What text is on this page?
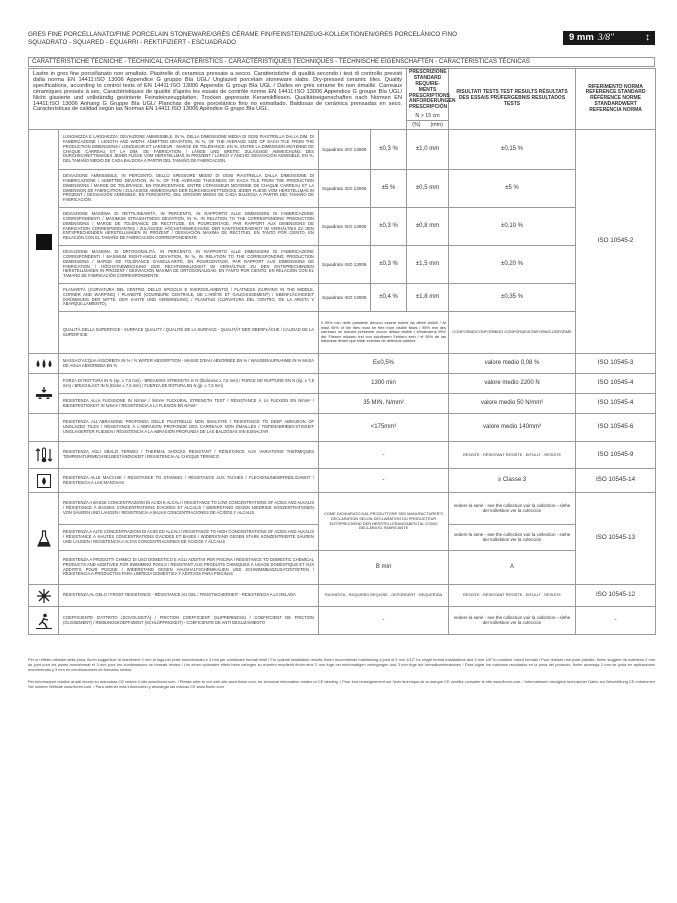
GRES FINE PORCELLANATO/FINE PORCELAIN STONEWARE/GRÈS CÉRAME FIN/FEINSTEINZEUG-KOLLEKTIONEN/GRES PORCELÁNICO FINO
SQUADRATO - SQUARED - EQUARRI - REKTIFIZIERT - ESCUADRADO	9 mm 3/8"	↕
CARATTERISTICHE TECNICHE - TECHNICAL CHARACTERISTICS - CARACTÉRISTIQUES TECHNIQUES - TECHNISCHE EIGENSCHAFTEN - CARACTERÍSTICAS TÉCNICAS
Lastre in gres fine porcellanato non smaltato. Piastrelle di ceramica pressate a secco. Caratteristiche di qualità secondo i test di controllo previsti dalla norma EN 14411:ISO 13006 Appendice G gruppo BIa UGL/ Unglazed porcelain stoneware slabs. Dry-pressed ceramic tiles. Quality specifications, according to control tests of EN 14411:ISO 13006 Appendix G group BIa UGL / Dalles en grès cérame fin non émaillé. Carreaux céramiques pressés à sec. Caractéristiques de qualité d'après les essais de contrôle norme EN 14411:ISO 13006 Appendice G groupe BIa UGL/ Nicht glasierte und vollständig gesinterte Feinsteinzeugplatten. Trocken gepresste Keramikfliesen. Qualitätseigenschaften nach Normen EN 14411:ISO 13006 Anhang G Gruppe BIa UGL/ Planchas de gres porcelánico fino no esmaltado. Baldosas de cerámica prensadas en seco. Características de calidad según las Normas EN 14411:ISO 13006 Apéndice G grupo BIa UGL.				PRESCRIZIONE STANDARD REQUIRE-MENTS PRESCRIPTIONS ANFORDERUNGEN PRESCRIPCIÓN	RISULTATI TESTS TEST RESULTS RÉSULTATS DES ESSAIS PRÜFERGEBNIS RESULTADOS TESTS	RIFERIMENTO NORMA REFERENCE STANDARD RÉFÉRENCE NORME STANDARDWERT REFERENCIA NORMA
				N > 15 cm		
				(%) (mm)		

	LUNGHEZZA E LARGHEZZA: DEVIAZIONE AMMISSIBILE, IN %, DELLA DIMENSIONE MEDIA DI OGNI PIASTRELLA DALLA DIM. DI FABBRICAZIONE / LENGTH AND WIDTH: ADMITTED DEVIATION, IN %, OF THE AVERAGE SIZE OF EACH TILE FROM THE PRODUCTION DIMENSIONS / LONGUEUR ET LARGEUR : MARGE DE TOLÉRANCE, EN %, ENTRE LA DIMENSION MOYENNE DE CHAQUE CARREAU ET LA DIM. DE FABRICATION / LÄNGE UND BREITE: ZULÄSSIGE ABWEICHUNG DES DURCHSCHNITTSMAßES JEDER FLIESE VOM HERSTELLMAß IN PROZENT / LARGO Y ANCHO: DESVIACIÓN ADMISIBLE, EN %, DEL TAMAÑO MEDIO DE CADA BALDOSA A PARTIR DEL TAMAÑO DE FABRICACIÓN.	Squadrato ISO 13006	±0,3 %	±1,0 mm	±0,15 %	ISO 10545-2
	DEVIAZIONE AMMISSIBILE, IN PERCENTO, DELLO SPESSORE MEDIO DI OGNI PIASTRELLA DALLA DIMENSIONE DI FABBRICAZIONE / ADMITTED DEVIATION, IN %, OF THE AVERAGE THICKNESS OF EACH TILE FROM THE PRODUCTION DIMENSIONS / MARGE DE TOLÉRANCE, EN POURCENTAGE, ENTRE L'ÉPAISSEUR MOYENNE DE CHAQUE CARREAU ET LA DIMENSION DE FABRICATION / ZULÄSSIGE ABWEICHUNG DER DURCHSCHNITTSDICKE JEDER FLIESE VOM HERSTELLMAß IN PROZENT / DESVIACIÓN ADMISIBLE, EN PORCIENTO, DEL GROSOR MEDIO DE CADA BALDOSA A PARTIR DEL TAMAÑO DE FABRICACIÓN.	Squadrato ISO 13006	±5 %	±0,5 mm	±5 %	
	DEVIAZIONE MASSIMA DI RETTILINEARITÀ, IN PERCENTO, IN RAPPORTO ALLE DIMENSIONI DI FABBRICAZIONE CORRISPONDENTI / MAXIMUM STRAIGHTNESS DEVIATION, IN %, IN RELATION TO THE CORRESPONDING PRODUCTION DIMENSIONS / MARGE DE TOLÉRANCE DE RECTITUDE, EN POURCENTAGE, PAR RAPPORT AUX DIMENSIONS DE FABRICATION CORRESPONDANTES / ZULÄSSIGE HÖCHSTABWEICHUNG DER KANTENGERADHEIT IM VERHÄLTNIS ZU DEN ENTSPRECHENDEN HERSTELLMAßEN IN PROZENT / DESVIACIÓN MÁXIMA DE RECTITUD, EN TANTO POR CIENTO, EN RELACIÓN CON EL TAMAÑO DE FABRICACIÓN CORRESPONDIENTE.	Squadrato ISO 13006	±0,3 %	±0,8 mm	±0,10 %	
	DEVIAZIONE MASSIMA DI ORTOGONALITÀ, IN PERCENTO, IN RAPPORTO ALLE DIMENSIONI DI FABBRICAZIONE CORRISPONDENTI / MAXIMUM RIGHT-ANGLE DEVIATION, IN %, IN RELATION TO THE CORRESPONDING PRODUCTION DIMENSIONS / MARGE DE TOLÉRANCE D'ANGULARITÉ, EN POURCENTAGE, PAR RAPPORT AUX DIMENSIONS DE FABRICATION / HÖCHSTABWEICHUNG DER RECHTWINKLIGKEIT IM VERHÄLTNIS ZU DEN ENTSPRECHENDEN HERSTELLMAßEN IN PROZENT / DESVIACIÓN MÁXIMA DE ORTOGONALIDAD, EN TANTO POR CIENTO, EN RELACIÓN CON EL TAMAÑO DE FABRICACIÓN CORRESPONDIENTE.	Squadrato ISO 13006	±0,3 %	±1,5 mm	±0,20 %	
	PLANARITÀ (CURVATURA DEL CENTRO, DELLO SPIGOLO E SVERGOLAMENTO) / FLATNESS (CURVING IN THE MIDDLE, CORNER AND WARPING) / PLANÉITÉ (COURBURE CENTRALE, DE L'ARÊTE ET GAUCHISSEMENT) / EBENFLÄCHIGKEIT (KRÜMMUNG DER MITTE, DER KANTE UND VERWINDUNG) / PLANITUD (CURVATURA DEL CENTRO, DE LA ARISTA Y ABARQUILLAMIENTO).	Squadrato ISO 13006	±0,4 %	±1,8 mm	±0,35 %	
	QUALITÀ DELLA SUPERFICIE - SURFACE QUALITY / QUALITÉ DE LA SURFACE - QUALITÄT DER OBERFLÄCHE / CALIDAD DE LA SUPERFICIE	Il 95% min delle piastrelle devono essere esenti da difetti visibili / At least 95% of the tiles must be free from visible flaws / 95% min des carreaux ne doivent présenter aucun défaut visible / Mindestens 95% der Fliesen müssen frei von sichtbaren Fehlern sein / el 95% de las baldosas tienen que estar exentas de defectos visibles			CONFORME/CONFORMING CONFORME/KONFORM/CONFORME	

	MASSA D'ACQUA ASSORBITA IN % / % WATER ABSORPTION - MASSE D'EAU ABSORBÉE EN % / WASSERAUFNAHME IN % MASA DE AGUA ABSORBIDA EN %	E≤0,5%			valore medio 0,08 %	ISO 10545-3

	FORZA DI ROTTURA IN N (sp. ≥ 7,5 mm) - BREAKING STRENGTH in N (thickness ≥ 7,5 mm) / FORCE DE RUPTURE EN N (ép. ≥ 7,5 mm) / BRUCHLAST IN N (Dicke ≥ 7,5 mm) / FUERZA DE ROTURA EN N (gr. ≥ 7,5 mm)	1300 min			valore medio 2200 N	ISO 10545-4
	RESISTENZA ALLA FLESSIONE IN N/mm² / N/mm² FLEXURAL STRENGTH TEST / RÉSISTANCE À LA FLEXION EN N/mm² / BIEGEFESTIGKEIT IN N/mm² / RESISTENCIA A LA FLEXIÓN EN N/mm²	35 MIN. N/mm²			valore medio 50 N/mm²	ISO 10545-4
	RESISTENZA ALL'ABRASIONE PROFONDA DELLE PIASTRELLE NON SMALTATE / RESISTANCE TO DEEP ABRASION OF UNGLAZED TILES / RÉSISTANCE À L'ABRASION PROFONDE DES CARREAUX NON ÉMAILLÉS / TIEFENABRIEBS-STIGKEIT UNGLASIERTER FLIESEN / RESISTENCIA A LA ABRASIÓN PROFUNDA DE LAS BALDOSAS SIN ESMALTAR	<175mm³			valore medio 140mm³	ISO 10545-6

	RESISTENZA AGLI SBALZI TERMICI / THERMAL SHOCKS RESISTANT / RÉSISTANCE AUX VARIATIONS THERMIQUES TEMPERATURWECHSELBESTÄNDIGKEIT / RESISTENCIA AL CHOQUE TÉRMICO	-			RESISTE - RÉSISTANT RESISTE - EIFÜLLT - RESISTE	ISO 10545-9

	RESISTENZA ALLE MACCHIE / RESISTANCE TO STAINING / RÉSISTANCE AUX TACHES / FLECKENUNEMPFINDLICHKEIT / RESISTENCIA A LAS MANCHAS	-			≥ Classe 3	ISO 10545-14

	RESISTENZA A BASSE CONCENTRAZIONI DI ACIDI E ALCALI / RESISTANCE TO LOW CONCENTRATIONS OF ACIDS AND ALKALIS / RÉSISTANCE À BASSES CONCENTRATIONS D'ACIDES ET ALCALIS / WIDERSTAND GEGEN NIEDRIGE KONZENTRATIONEN VON SÄUREN UND LAUGEN / RESISTENCIA A BAJAS CONCENTRACIONES DE ÁCIDOS Y ÁLCALIS.	COME DICHIARATO DAL PRODUTTORE SEE MANUFACTURER'S DECLARATION SELON DÉCLARATION DU PRODUCTEUR ENTSPRECHEND DER HERSTELLERANGABEN TAL COMO DECLARA EL FABRICANTE			vedere la serie - see the collection voir la collection - siehe der kollektion ver la colección	ISO 10545-13
	RESISTENZA A ALTE CONCENTRAZIONI DI ACIDI ED ALCALI / RESISTANCE TO HIGH CONCENTRATIONS OF ACIDS AND ALKALIS / RÉSISTANCE À HAUTES CONCENTRATIONS D'ACIDES ET BASES / WIDERSTAND GEGEN STARK KONZENTRIERTE SÄUREN UND LAUGEN / RESISTENCIA A ALTAS CONCENTRACIONES DE ÁCIDOS Y ÁLCALIS				vedere la serie - see the collection voir la collection - siehe der kollektion ver la colección	
	RESISTENZA A PRODOTTI CHIMICI DI USO DOMESTICO E AGLI ADDITIVI PER PISCINA / RESISTANCE TO DOMESTIC CHEMICAL PRODUCTS AND ADDITIVES FOR SWIMMING POOLS / RÉSISTANT AUX PRODUITS CHIMIQUES À USAGE DOMESTIQUE ET AUX ADDITIFS POUR PISCINE / WIDERSTAND GEGEN HAUSHALTSCHEMIKALIEN UND SCHWIMMBADZUSATZSTOFFEN / RESISTENCIA A PRODUCTOS PARA LIMPIEZA DOMÉSTICA Y ADITIVOS PARA PISCINAS	B min			A	

	RESISTENZA AL GELO / FROST RESISTANCE - RÉSISTANCE AU GEL / FROSTSICHERHEIT - RESISTENCIA A LA HELADA	RICHIESTA - REQUIRED REQUISE - GEFORDERT - REQUERIDA			RESISTE - RÉSISTANT RESISTE - EIFÜLLT - RESISTE	ISO 10545-12

	COEFFICIENTE D'ATTRITO (SCIVOLOSITÀ) / FRICTION COEFFICIENT (SLIPPERINESS) / COEFFICIENT DE FRICTION (GLISSEMENT) / REIBUNGSKOEFFIZIENT (SCHLÜPFRIGKEIT) - COEFICIENTE DE ANTI DESLIZAMIENTO	-			vedere la serie - see the collection voir la collection - siehe der kollektion ver la colección	-
Per un effetto ottimale della posa, florim suggerisce di mantenere 2 mm di fuga per pose monoformato e 3 mm per combinare formati misti / For optimal installation results, florim recommends maintaining a joint of 2 mm 1/12" for single format installations and 3 mm 1/8" to combine mixed formats / Pour réaliser une pose parfaite, florim suggère de maintenir 2 mm de joint pour les poses monoformat et 3 mm pour les combinaisons de formats mixtes / Um einen optimalen effekt beim verlegen zu erzielen empfiehlt florim eine 2 mm fuge bei einformatigen verlegungen und 3 mm fuge bei formatkombinationen / Para lograr los máximos resultados en la posa del producto, florim aconseja 2 mm de junta en aplicaciones monoformato y 3 mm en combinaciones de formatos mixtos.
Per informazioni relative ai dati tecnici su marcatura CE vedere il sito www.florim.com. / Please refer to our web site www.florim.com, for technical information related to CE labeling. / Pour tout renseignement sur l'avis technique de la marque CE veuillez consulter le site www.florim.com. / Informationen bezüglich technischer Daten zur Beschriftung CE entnehmen Sie unserer Website www.florim.com. / Para obtener más información y descargar las marcas CE www.florim.com
